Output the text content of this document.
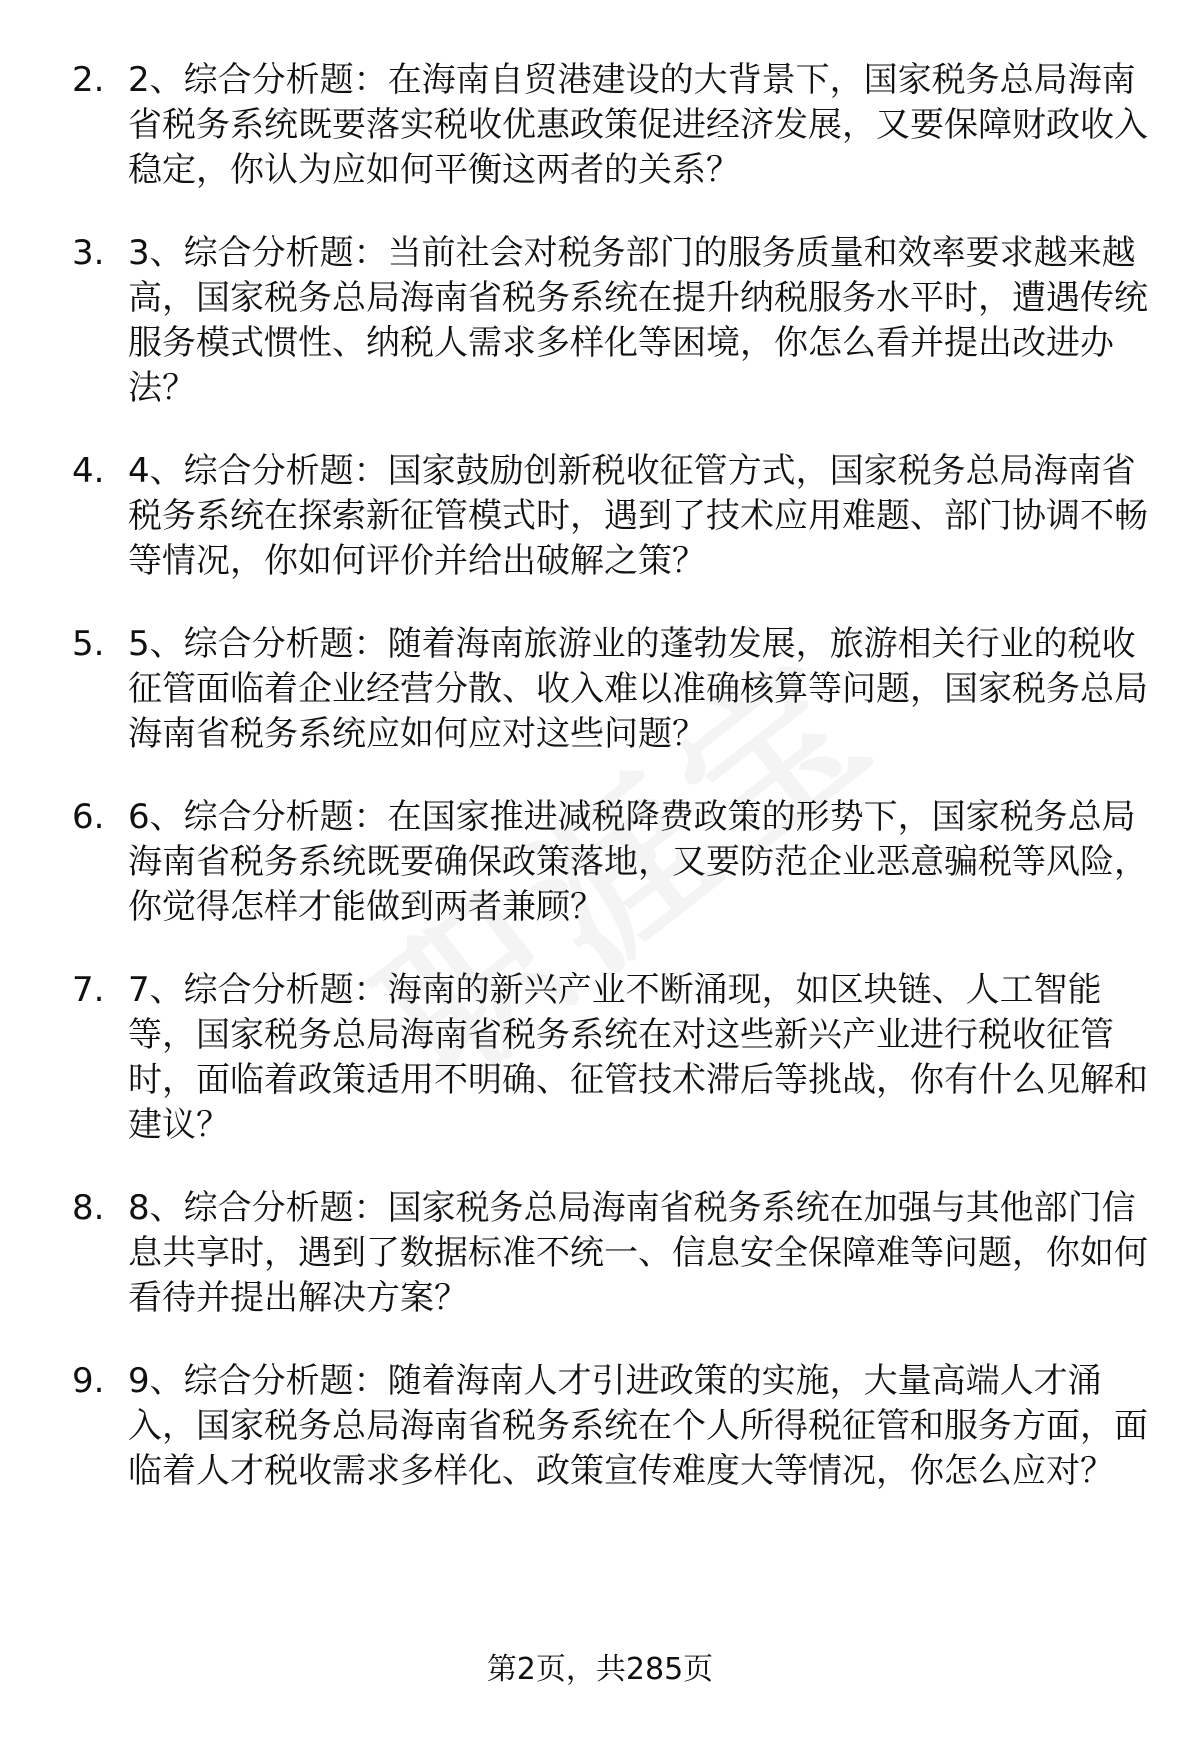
2. 2、综合分析题：在海南自贸港建设的大背景下，国家税务总局海南省税务系统既要落实税收优惠政策促进经济发展，又要保障财政收入稳定，你认为应如何平衡这两者的关系？
3. 3、综合分析题：当前社会对税务部门的服务质量和效率要求越来越高，国家税务总局海南省税务系统在提升纳税服务水平时，遭遇传统服务模式惯性、纳税人需求多样化等困境，你怎么看并提出改进办法？
4. 4、综合分析题：国家鼓励创新税收征管方式，国家税务总局海南省税务系统在探索新征管模式时，遇到了技术应用难题、部门协调不畅等情况，你如何评价并给出破解之策？
5. 5、综合分析题：随着海南旅游业的蓬勃发展，旅游相关行业的税收征管面临着企业经营分散、收入难以准确核算等问题，国家税务总局海南省税务系统应如何应对这些问题？
6. 6、综合分析题：在国家推进减税降费政策的形势下，国家税务总局海南省税务系统既要确保政策落地，又要防范企业恶意骗税等风险，你觉得怎样才能做到两者兼顾？
7. 7、综合分析题：海南的新兴产业不断涌现，如区块链、人工智能等，国家税务总局海南省税务系统在对这些新兴产业进行税收征管时，面临着政策适用不明确、征管技术滞后等挑战，你有什么见解和建议？
8. 8、综合分析题：国家税务总局海南省税务系统在加强与其他部门信息共享时，遇到了数据标准不统一、信息安全保障难等问题，你如何看待并提出解决方案？
9. 9、综合分析题：随着海南人才引进政策的实施，大量高端人才涌入，国家税务总局海南省税务系统在个人所得税征管和服务方面，面临着人才税收需求多样化、政策宣传难度大等情况，你怎么应对？
第2页，共285页
